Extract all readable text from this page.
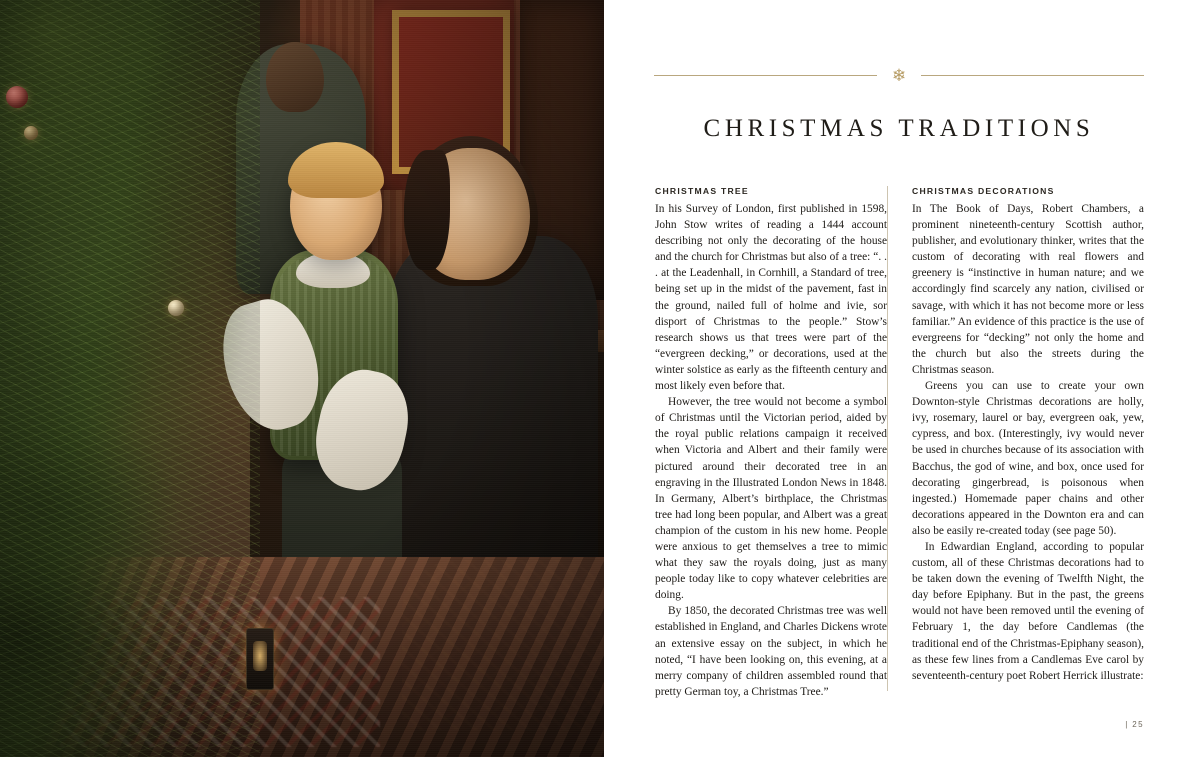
❄
CHRISTMAS TRADITIONS
CHRISTMAS TREE

In his Survey of London, first published in 1598, John Stow writes of reading a 1444 account describing not only the decorating of the house and the church for Christmas but also of a tree: “. . . at the Leadenhall, in Cornhill, a Standard of tree, being set up in the midst of the pavement, fast in the ground, nailed full of holme and ivie, sor disport of Christmas to the people.” Stow’s research shows us that trees were part of the “evergreen decking,” or decorations, used at the winter solstice as early as the fifteenth century and most likely even before that.

However, the tree would not become a symbol of Christmas until the Victorian period, aided by the royal public relations campaign it received when Victoria and Albert and their family were pictured around their decorated tree in an engraving in the Illustrated London News in 1848. In Germany, Albert’s birthplace, the Christmas tree had long been popular, and Albert was a great champion of the custom in his new home. People were anxious to get themselves a tree to mimic what they saw the royals doing, just as many people today like to copy whatever celebrities are doing.

By 1850, the decorated Christmas tree was well established in England, and Charles Dickens wrote an extensive essay on the subject, in which he noted, “I have been looking on, this evening, at a merry company of children assembled round that pretty German toy, a Christmas Tree.”

CHRISTMAS DECORATIONS

In The Book of Days, Robert Chambers, a prominent nineteenth-century Scottish author, publisher, and evolutionary thinker, writes that the custom of decorating with real flowers and greenery is “instinctive in human nature; and we accordingly find scarcely any nation, civilised or savage, with which it has not become more or less familiar.” An evidence of this practice is the use of evergreens for “decking” not only the home and the church but also the streets during the Christmas season.

Greens you can use to create your own Downton-style Christmas decorations are holly, ivy, rosemary, laurel or bay, evergreen oak, yew, cypress, and box. (Interestingly, ivy would never be used in churches because of its association with Bacchus, the god of wine, and box, once used for decorating gingerbread, is poisonous when ingested.) Homemade paper chains and other decorations appeared in the Downton era and can also be easily re-created today (see page 50).

In Edwardian England, according to popular custom, all of these Christmas decorations had to be taken down the evening of Twelfth Night, the day before Epiphany. But in the past, the greens would not have been removed until the evening of February 1, the day before Candlemas (the traditional end of the Christmas-Epiphany season), as these few lines from a Candlemas Eve carol by seventeenth-century poet Robert Herrick illustrate:

| 25
